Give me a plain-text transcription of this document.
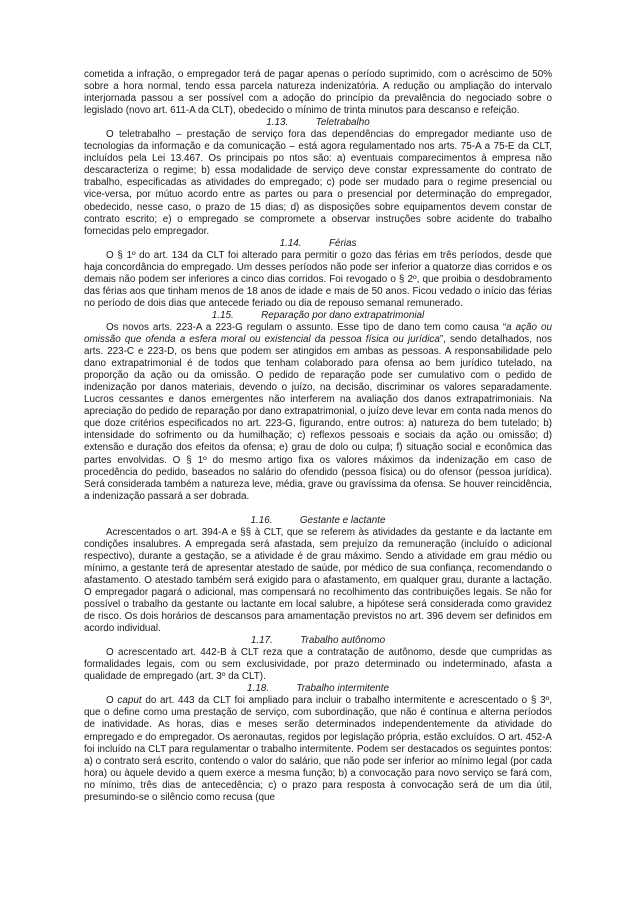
cometida a infração, o empregador terá de pagar apenas o período suprimido, com o acréscimo de 50% sobre a hora normal, tendo essa parcela natureza indenizatória. A redução ou ampliação do intervalo interjornada passou a ser possível com a adoção do princípio da prevalência do negociado sobre o legislado (novo art. 611-A da CLT), obedecido o mínimo de trinta minutos para descanso e refeição.

1.13.          Teletrabalho

O teletrabalho – prestação de serviço fora das dependências do empregador mediante uso de tecnologias da informação e da comunicação – está agora regulamentado nos arts. 75-A a 75-E da CLT, incluídos pela Lei 13.467. Os principais po ntos são: a) eventuais comparecimentos à empresa não descaracteriza o regime; b) essa modalidade de serviço deve constar expressamente do contrato de trabalho, especificadas as atividades do empregado; c) pode ser mudado para o regime presencial ou vice-versa, por mútuo acordo entre as partes ou para o presencial por determinação do empregador, obedecido, nesse caso, o prazo de 15 dias; d) as disposições sobre equipamentos devem constar de contrato escrito; e) o empregado se compromete a observar instruções sobre acidente do trabalho fornecidas pelo empregador.

1.14.          Férias

O § 1º do art. 134 da CLT foi alterado para permitir o gozo das férias em três períodos, desde que haja concordância do empregado. Um desses períodos não pode ser inferior a quatorze dias corridos e os demais não podem ser inferiores a cinco dias corridos. Foi revogado o § 2º, que proibia o desdobramento das férias aos que tinham menos de 18 anos de idade e mais de 50 anos. Ficou vedado o início das férias no período de dois dias que antecede feriado ou dia de repouso semanal remunerado.

1.15.          Reparação por dano extrapatrimonial

Os novos arts. 223-A a 223-G regulam o assunto. Esse tipo de dano tem como causa “a ação ou omissão que ofenda a esfera moral ou existencial da pessoa física ou jurídica”, sendo detalhados, nos arts. 223-C e 223-D, os bens que podem ser atingidos em ambas as pessoas. A responsabilidade pelo dano extrapatrimonial é de todos que tenham colaborado para ofensa ao bem jurídico tutelado, na proporção da ação ou da omissão. O pedido de reparação pode ser cumulativo com o pedido de indenização por danos materiais, devendo o juízo, na decisão, discriminar os valores separadamente. Lucros cessantes e danos emergentes não interferem na avaliação dos danos extrapatrimoniais. Na apreciação do pedido de reparação por dano extrapatrimonial, o juízo deve levar em conta nada menos do que doze critérios especificados no art. 223-G, figurando, entre outros: a) natureza do bem tutelado; b) intensidade do sofrimento ou da humilhação; c) reflexos pessoais e sociais da ação ou omissão; d) extensão e duração dos efeitos da ofensa; e) grau de dolo ou culpa; f) situação social e econômica das partes envolvidas. O § 1º do mesmo artigo fixa os valores máximos da indenização em caso de procedência do pedido, baseados no salário do ofendido (pessoa física) ou do ofensor (pessoa jurídica). Será considerada também a natureza leve, média, grave ou gravíssima da ofensa. Se houver reincidência, a indenização passará a ser dobrada.

1.16.          Gestante e lactante

Acrescentados o art. 394-A e §§ à CLT, que se referem às atividades da gestante e da lactante em condições insalubres. A empregada será afastada, sem prejuízo da remuneração (incluído o adicional respectivo), durante a gestação, se a atividade é de grau máximo. Sendo a atividade em grau médio ou mínimo, a gestante terá de apresentar atestado de saúde, por médico de sua confiança, recomendando o afastamento. O atestado também será exigido para o afastamento, em qualquer grau, durante a lactação. O empregador pagará o adicional, mas compensará no recolhimento das contribuições legais. Se não for possível o trabalho da gestante ou lactante em local salubre, a hipótese será considerada como gravidez de risco. Os dois horários de descansos para amamentação previstos no art. 396 devem ser definidos em acordo individual.

1.17.          Trabalho autônomo

O acrescentado art. 442-B à CLT reza que a contratação de autônomo, desde que cumpridas as formalidades legais, com ou sem exclusividade, por prazo determinado ou indeterminado, afasta a qualidade de empregado (art. 3º da CLT).

1.18.          Trabalho intermitente

O caput do art. 443 da CLT foi ampliado para incluir o trabalho intermitente e acrescentado o § 3º, que o define como uma prestação de serviço, com subordinação, que não é contínua e alterna períodos de inatividade. As horas, dias e meses serão determinados independentemente da atividade do empregado e do empregador. Os aeronautas, regidos por legislação própria, estão excluídos. O art. 452-A foi incluído na CLT para regulamentar o trabalho intermitente. Podem ser destacados os seguintes pontos: a) o contrato será escrito, contendo o valor do salário, que não pode ser inferior ao mínimo legal (por cada hora) ou àquele devido a quem exerce a mesma função; b) a convocação para novo serviço se fará com, no mínimo, três dias de antecedência; c) o prazo para resposta à convocação será de um dia útil, presumindo-se o silêncio como recusa (que
